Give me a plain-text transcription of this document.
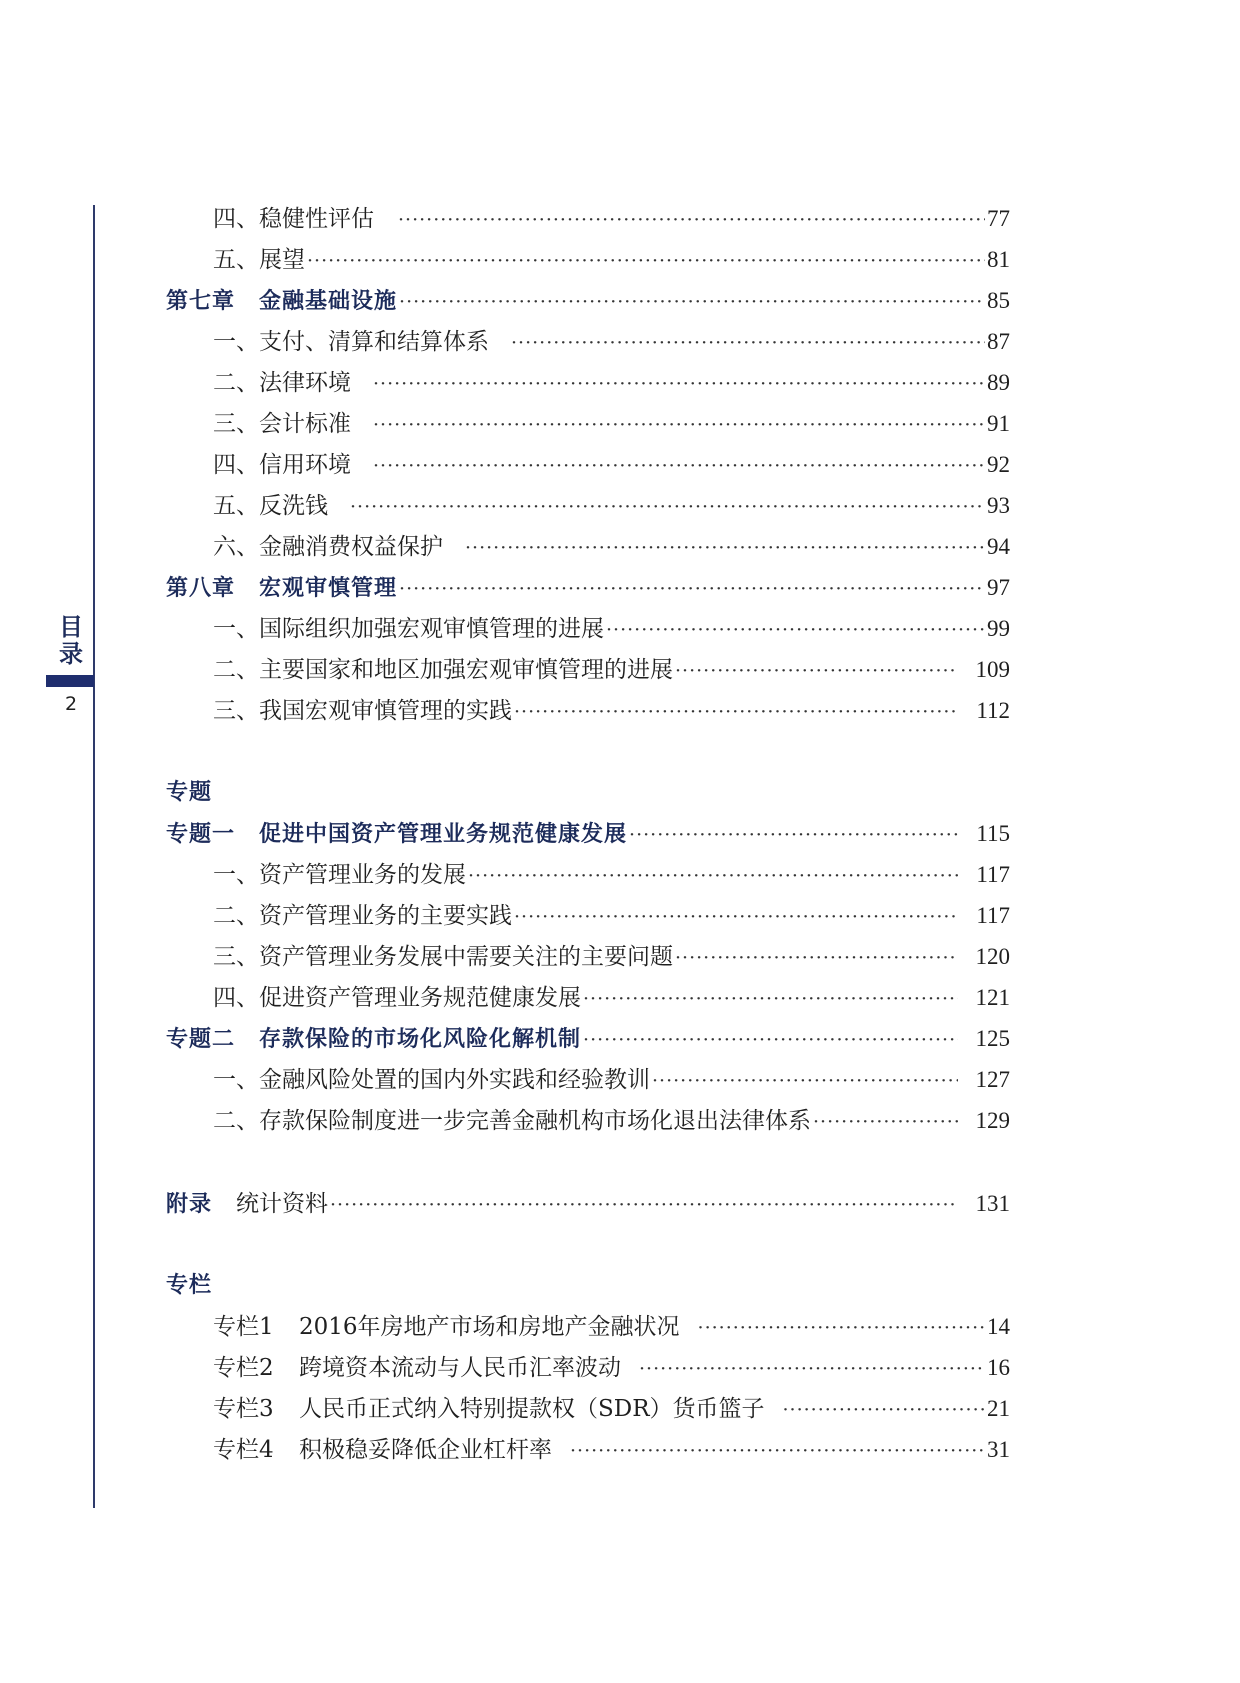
目录
2
四、稳健性评估 ·····	77
五、展望 ·····	81
第七章 金融基础设施 ·····	85
一、支付、清算和结算体系 ·····	87
二、法律环境 ·····	89
三、会计标准 ·····	91
四、信用环境 ·····	92
五、反洗钱 ·····	93
六、金融消费权益保护 ·····	94
第八章 宏观审慎管理 ·····	97
一、国际组织加强宏观审慎管理的进展 ·····	99
二、主要国家和地区加强宏观审慎管理的进展 ·····	109
三、我国宏观审慎管理的实践 ·····	112
专题
专题一 促进中国资产管理业务规范健康发展 ·····	115
一、资产管理业务的发展 ·····	117
二、资产管理业务的主要实践 ·····	117
三、资产管理业务发展中需要关注的主要问题 ·····	120
四、促进资产管理业务规范健康发展 ·····	121
专题二 存款保险的市场化风险化解机制 ·····	125
一、金融风险处置的国内外实践和经验教训 ·····	127
二、存款保险制度进一步完善金融机构市场化退出法律体系 ·····	129
附录 统计资料 ·····	131
专栏
专栏1 2016年房地产市场和房地产金融状况 ·····	14
专栏2 跨境资本流动与人民币汇率波动 ·····	16
专栏3 人民币正式纳入特别提款权（SDR）货币篮子 ·····	21
专栏4 积极稳妥降低企业杠杆率 ·····	31
